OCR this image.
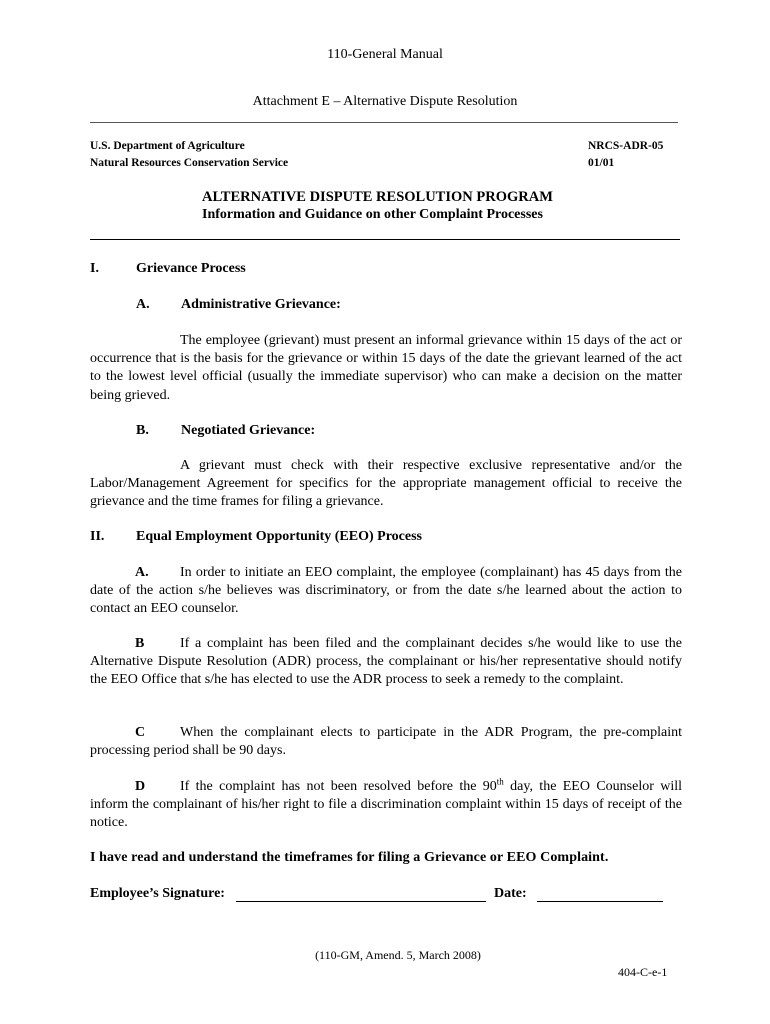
110-General Manual
Attachment E – Alternative Dispute Resolution
U.S. Department of Agriculture
Natural Resources Conservation Service
NRCS-ADR-05
01/01
ALTERNATIVE DISPUTE RESOLUTION PROGRAM
Information and Guidance on other Complaint Processes
I.	Grievance Process
A. Administrative Grievance:
The employee (grievant) must present an informal grievance within 15 days of the act or occurrence that is the basis for the grievance or within 15 days of the date the grievant learned of the act to the lowest level official (usually the immediate supervisor) who can make a decision on the matter being grieved.
B. Negotiated Grievance:
A grievant must check with their respective exclusive representative and/or the Labor/Management Agreement for specifics for the appropriate management official to receive the grievance and the time frames for filing a grievance.
II. Equal Employment Opportunity (EEO) Process
A. In order to initiate an EEO complaint, the employee (complainant) has 45 days from the date of the action s/he believes was discriminatory, or from the date s/he learned about the action to contact an EEO counselor.
B	If a complaint has been filed and the complainant decides s/he would like to use the Alternative Dispute Resolution (ADR) process, the complainant or his/her representative should notify the EEO Office that s/he has elected to use the ADR process to seek a remedy to the complaint.
C When the complainant elects to participate in the ADR Program, the pre-complaint processing period shall be 90 days.
D If the complaint has not been resolved before the 90th day, the EEO Counselor will inform the complainant of his/her right to file a discrimination complaint within 15 days of receipt of the notice.
I have read and understand the timeframes for filing a Grievance or EEO Complaint.
Employee’s Signature:	Date:
(110-GM, Amend. 5, March 2008)
404-C-e-1
